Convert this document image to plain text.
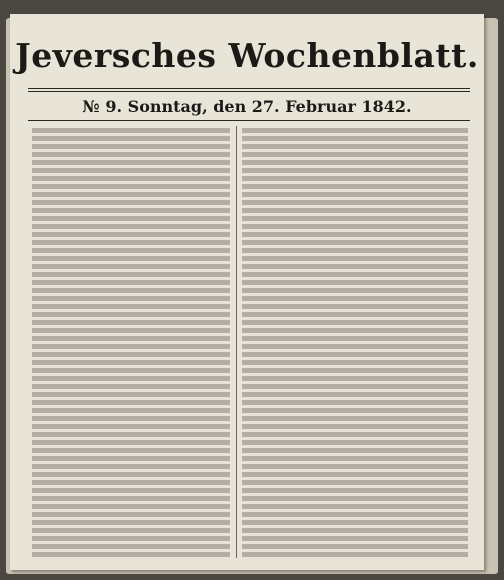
Jeversches Wochenblatt.
№ 9. Sonntag, den 27. Februar 1842.
